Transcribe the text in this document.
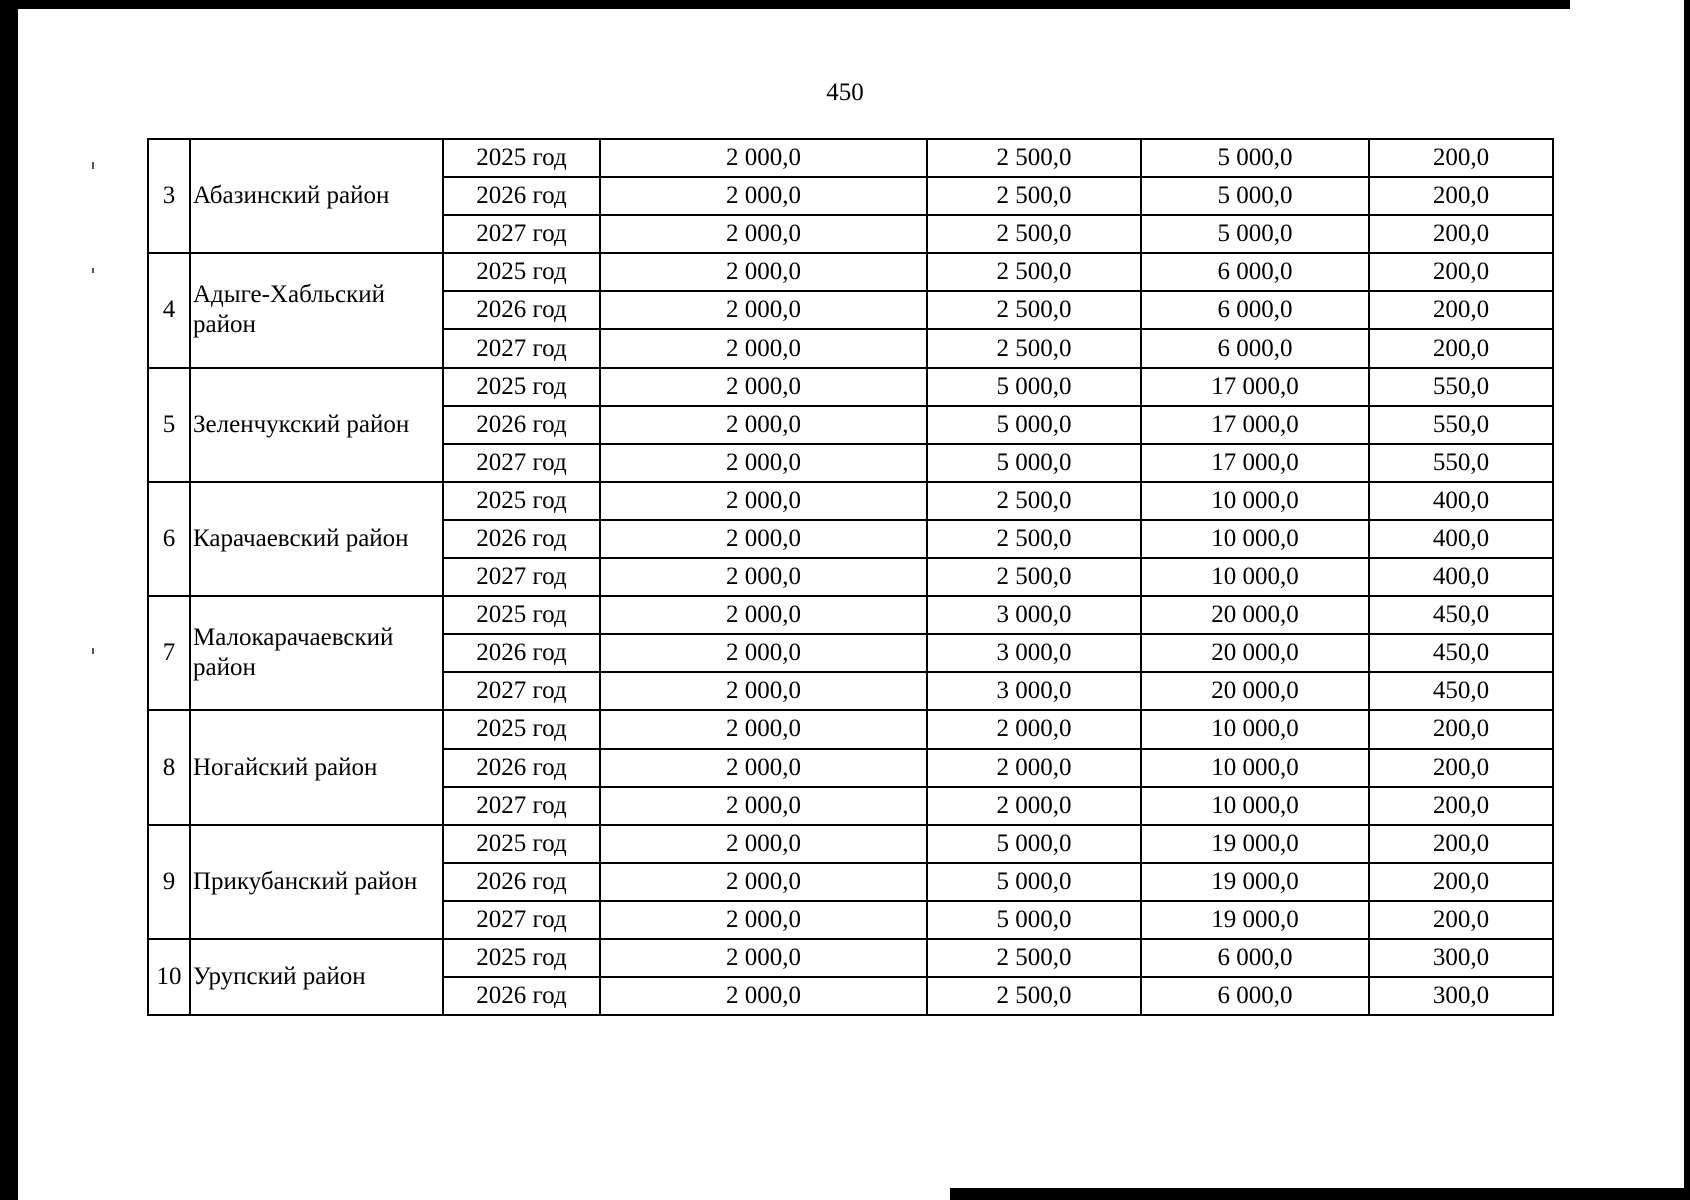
450
3	Абазинский район	2025 год	2 000,0	2 500,0	5 000,0	200,0
		2026 год	2 000,0	2 500,0	5 000,0	200,0
		2027 год	2 000,0	2 500,0	5 000,0	200,0
4	Адыге-Хабльский район	2025 год	2 000,0	2 500,0	6 000,0	200,0
		2026 год	2 000,0	2 500,0	6 000,0	200,0
		2027 год	2 000,0	2 500,0	6 000,0	200,0
5	Зеленчукский район	2025 год	2 000,0	5 000,0	17 000,0	550,0
		2026 год	2 000,0	5 000,0	17 000,0	550,0
		2027 год	2 000,0	5 000,0	17 000,0	550,0
6	Карачаевский район	2025 год	2 000,0	2 500,0	10 000,0	400,0
		2026 год	2 000,0	2 500,0	10 000,0	400,0
		2027 год	2 000,0	2 500,0	10 000,0	400,0
7	Малокарачаевский район	2025 год	2 000,0	3 000,0	20 000,0	450,0
		2026 год	2 000,0	3 000,0	20 000,0	450,0
		2027 год	2 000,0	3 000,0	20 000,0	450,0
8	Ногайский район	2025 год	2 000,0	2 000,0	10 000,0	200,0
		2026 год	2 000,0	2 000,0	10 000,0	200,0
		2027 год	2 000,0	2 000,0	10 000,0	200,0
9	Прикубанский район	2025 год	2 000,0	5 000,0	19 000,0	200,0
		2026 год	2 000,0	5 000,0	19 000,0	200,0
		2027 год	2 000,0	5 000,0	19 000,0	200,0
10	Урупский район	2025 год	2 000,0	2 500,0	6 000,0	300,0
		2026 год	2 000,0	2 500,0	6 000,0	300,0
